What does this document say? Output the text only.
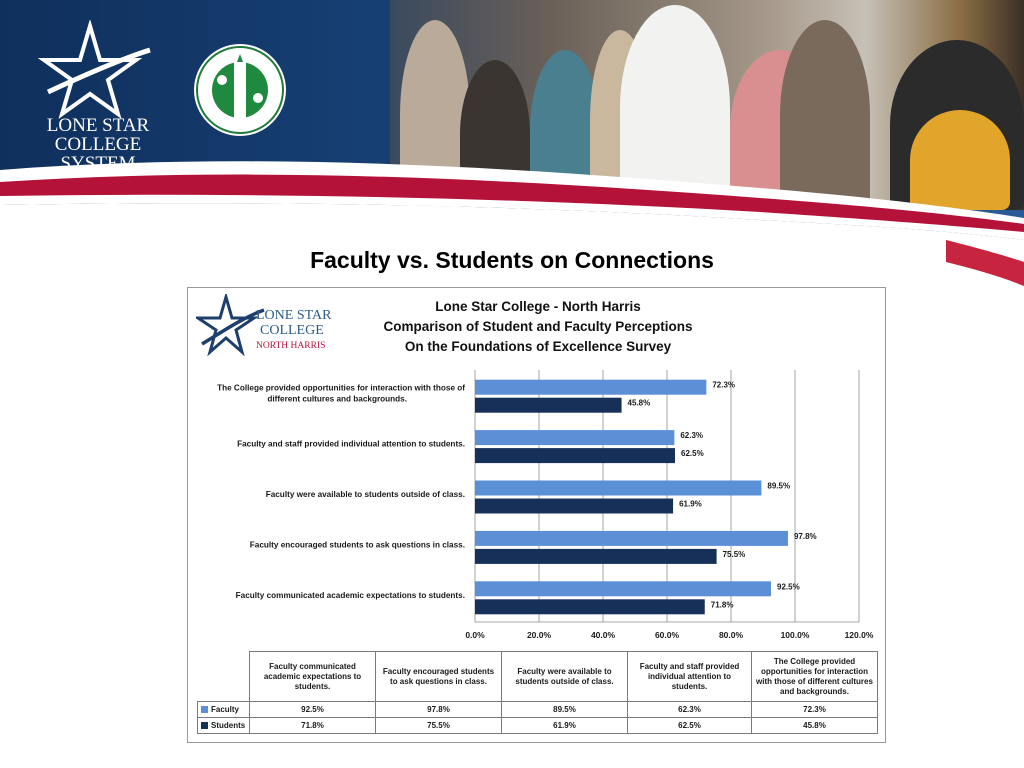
LONE STAR
COLLEGE
SYSTEM
Faculty vs. Students on Connections
LONE STAR
COLLEGE
NORTH HARRIS
Lone Star College - North Harris
Comparison of Student and Faculty Perceptions
On the Foundations of Excellence Survey
0.0%	20.0%	40.0%	60.0%	80.0%	100.0%	120.0%
92.5%
71.8%
Faculty communicated academic expectations to students.
97.8%
75.5%
Faculty encouraged students to ask questions in class.
89.5%
61.9%
Faculty were available to students outside of class.
62.3%
62.5%
Faculty and staff provided individual attention to students.
72.3%
45.8%
The College provided opportunities for interaction with those of
different cultures and backgrounds.
	Faculty communicated academic expectations to students.	Faculty encouraged students to ask questions in class.	Faculty were available to students outside of class.	Faculty and staff provided individual attention to students.	The College provided opportunities for interaction with those of different cultures and backgrounds.
Faculty	92.5%	97.8%	89.5%	62.3%	72.3%
Students	71.8%	75.5%	61.9%	62.5%	45.8%
